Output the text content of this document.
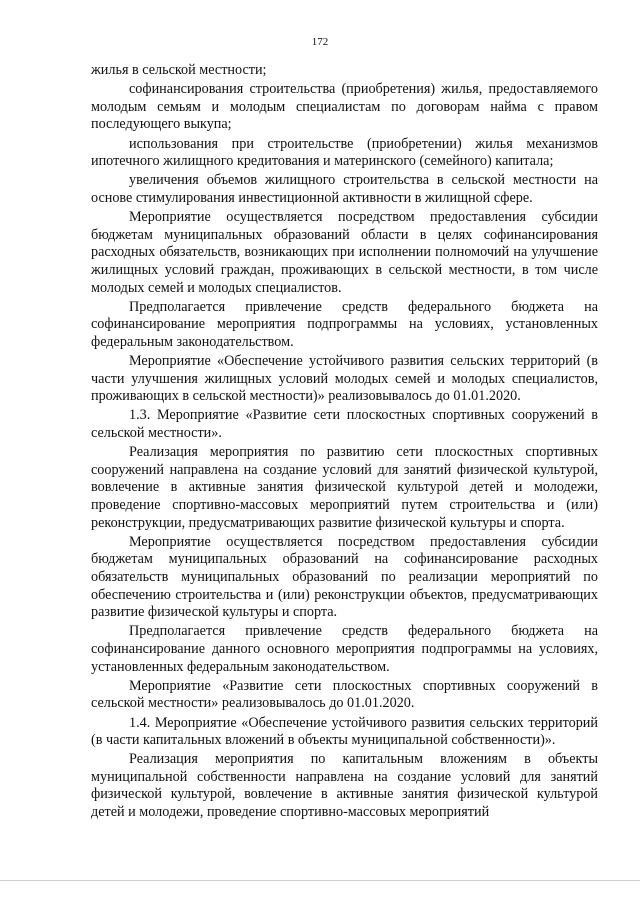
172

жилья в сельской местности;

софинансирования строительства (приобретения) жилья, предоставляемого молодым семьям и молодым специалистам по договорам найма с правом последующего выкупа;

использования при строительстве (приобретении) жилья механизмов ипотечного жилищного кредитования и материнского (семейного) капитала;

увеличения объемов жилищного строительства в сельской местности на основе стимулирования инвестиционной активности в жилищной сфере.

Мероприятие осуществляется посредством предоставления субсидии бюджетам муниципальных образований области в целях софинансирования расходных обязательств, возникающих при исполнении полномочий на улучшение жилищных условий граждан, проживающих в сельской местности, в том числе молодых семей и молодых специалистов.

Предполагается привлечение средств федерального бюджета на софинансирование мероприятия подпрограммы на условиях, установленных федеральным законодательством.

Мероприятие «Обеспечение устойчивого развития сельских территорий (в части улучшения жилищных условий молодых семей и молодых специалистов, проживающих в сельской местности)» реализовывалось до 01.01.2020.

1.3. Мероприятие «Развитие сети плоскостных спортивных сооружений в сельской местности».

Реализация мероприятия по развитию сети плоскостных спортивных сооружений направлена на создание условий для занятий физической культурой, вовлечение в активные занятия физической культурой детей и молодежи, проведение спортивно-массовых мероприятий путем строительства и (или) реконструкции, предусматривающих развитие физической культуры и спорта.

Мероприятие осуществляется посредством предоставления субсидии бюджетам муниципальных образований на софинансирование расходных обязательств муниципальных образований по реализации мероприятий по обеспечению строительства и (или) реконструкции объектов, предусматривающих развитие физической культуры и спорта.

Предполагается привлечение средств федерального бюджета на софинансирование данного основного мероприятия подпрограммы на условиях, установленных федеральным законодательством.

Мероприятие «Развитие сети плоскостных спортивных сооружений в сельской местности» реализовывалось до 01.01.2020.

1.4. Мероприятие «Обеспечение устойчивого развития сельских территорий (в части капитальных вложений в объекты муниципальной собственности)».

Реализация мероприятия по капитальным вложениям в объекты муниципальной собственности направлена на создание условий для занятий физической культурой, вовлечение в активные занятия физической культурой детей и молодежи, проведение спортивно-массовых мероприятий
